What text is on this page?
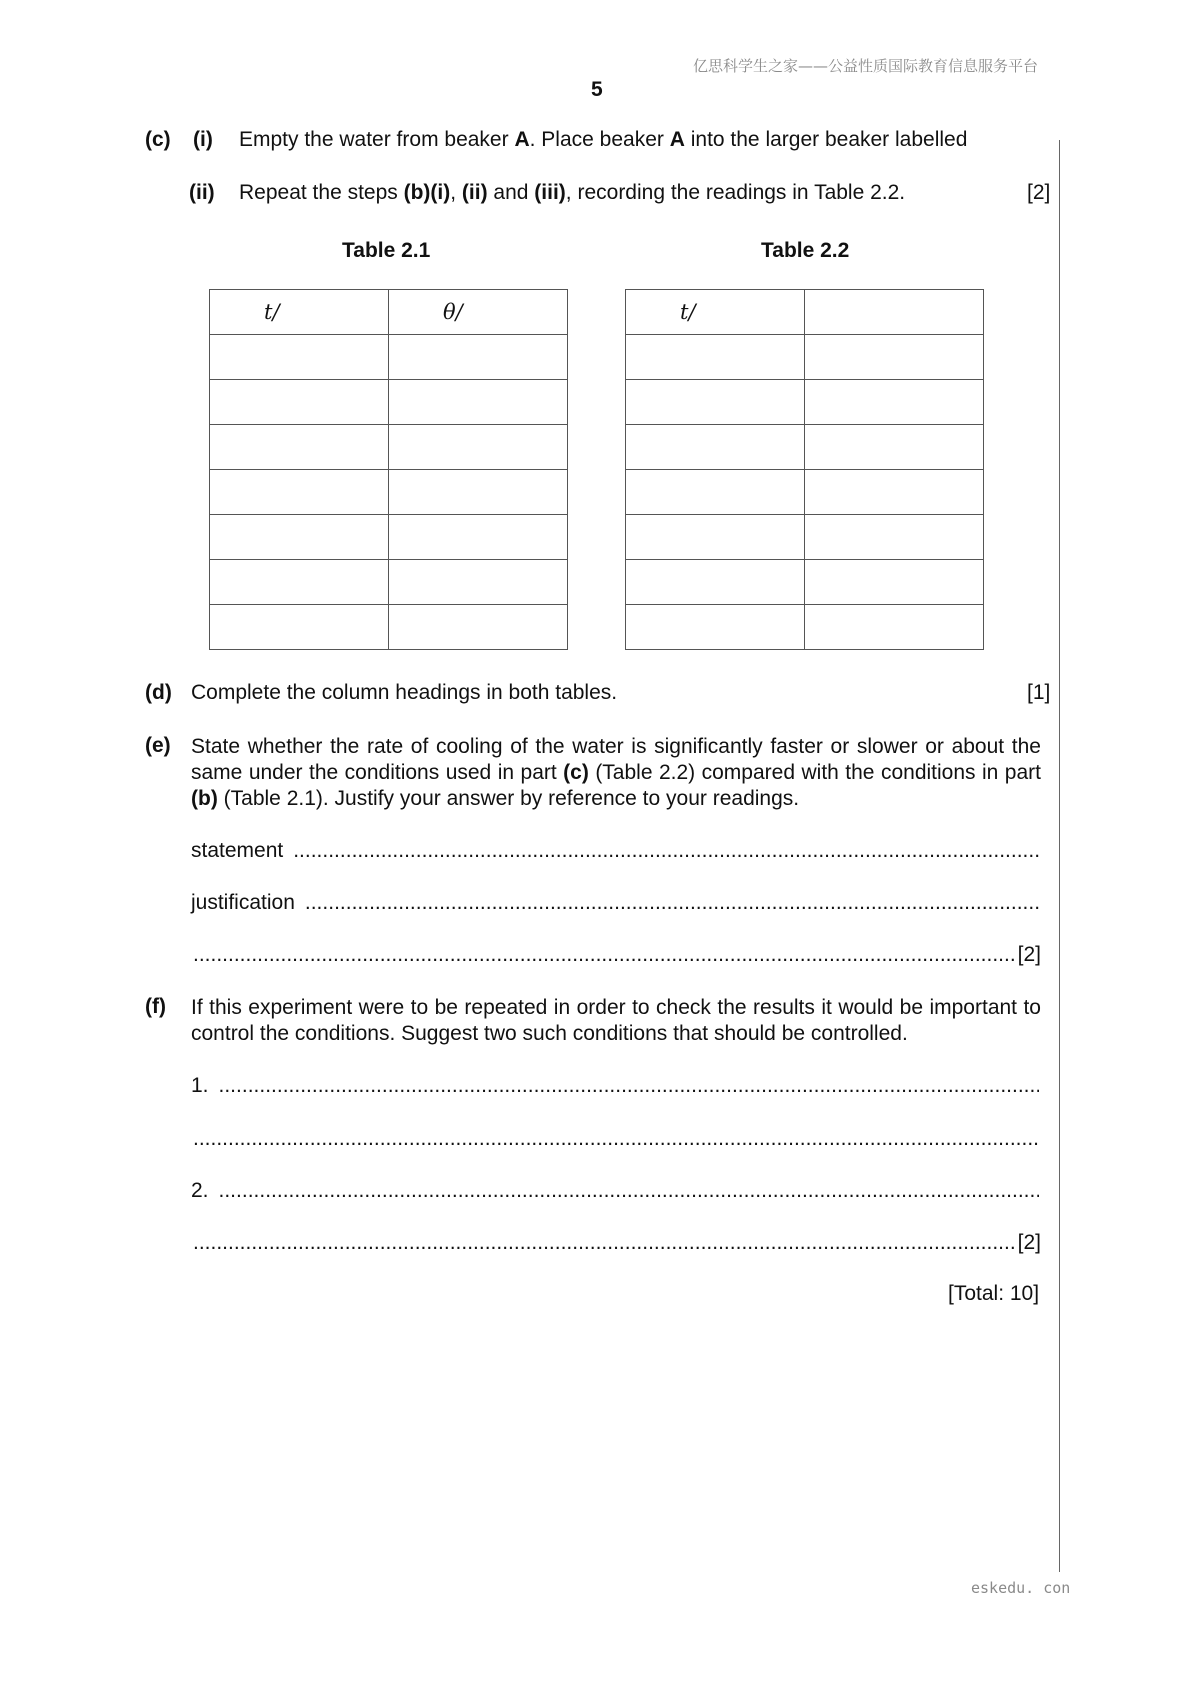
亿思科学生之家——公益性质国际教育信息服务平台
5
(c) (i) Empty the water from beaker A. Place beaker A into the larger beaker labelled
(ii) Repeat the steps (b)(i), (ii) and (iii), recording the readings in Table 2.2.	[2]
Table 2.1	Table 2.2
t/	θ/

		t/	

(d) Complete the column headings in both tables.	[1]
(e) State whether the rate of cooling of the water is significantly faster or slower or about the same under the conditions used in part (c) (Table 2.2) compared with the conditions in part (b) (Table 2.1). Justify your answer by reference to your readings.
statement
.....
justification
.....
.....
[2]
(f) If this experiment were to be repeated in order to check the results it would be important to control the conditions. Suggest two such conditions that should be controlled.
1.
.....
.....
2.
.....
.....
[2]
[Total: 10]
eskedu. con
